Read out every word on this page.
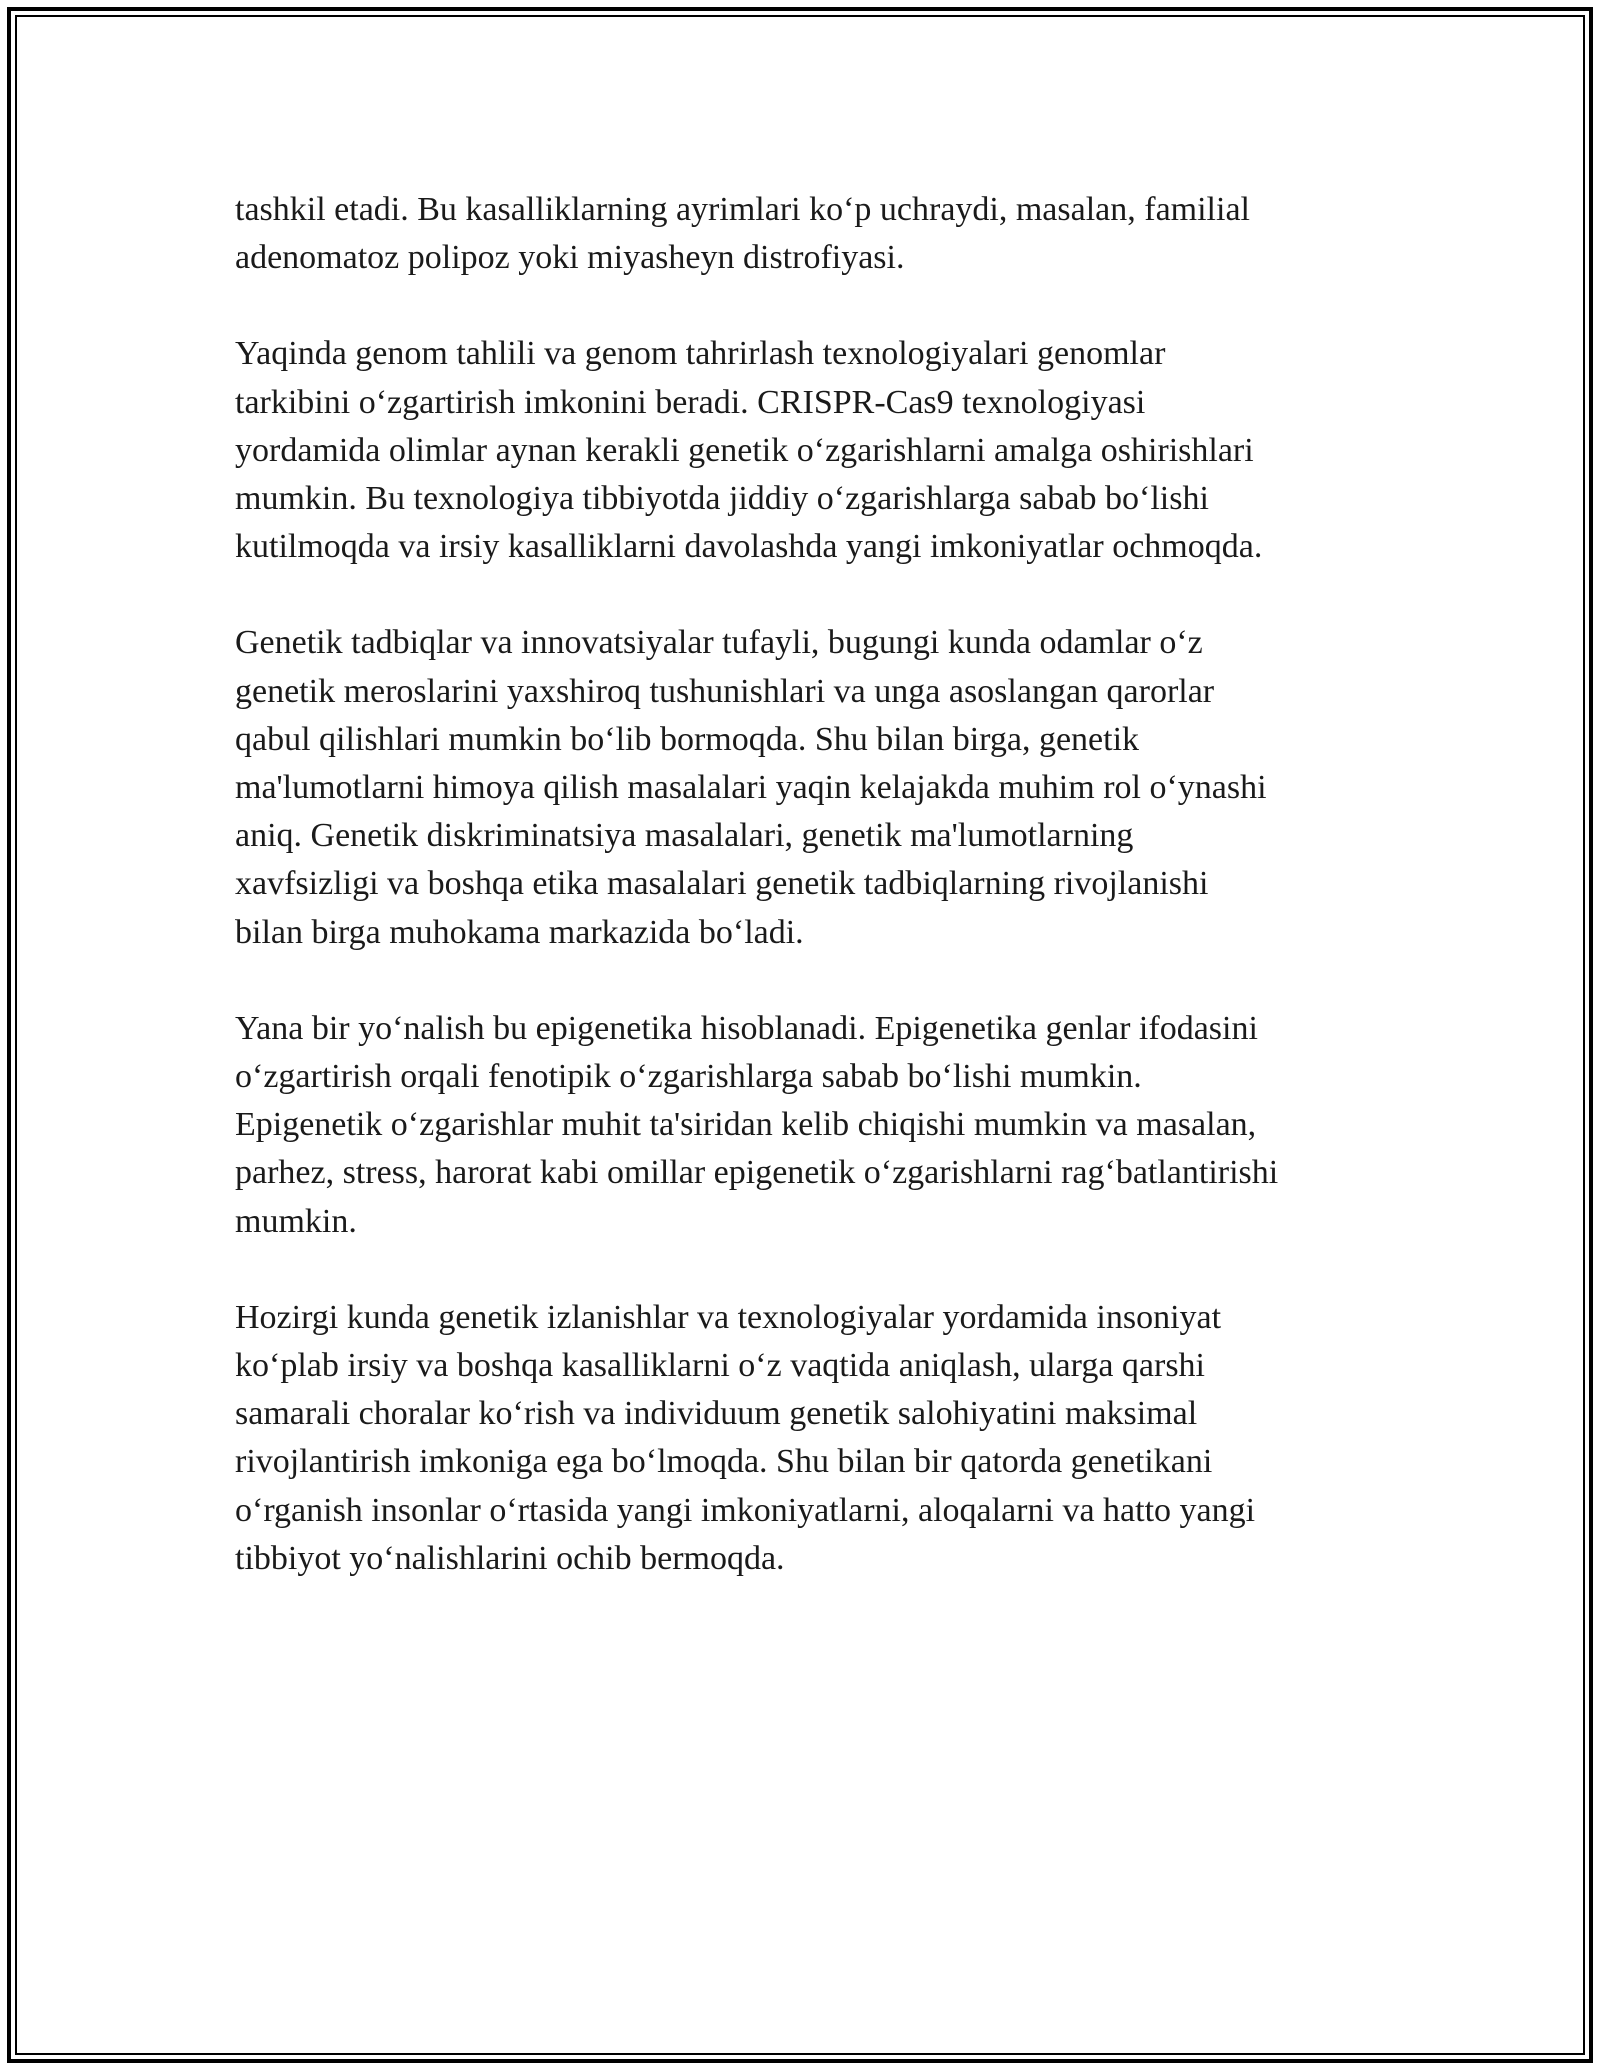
tashkil etadi. Bu kasalliklarning ayrimlari ko‘p uchraydi, masalan, familial
adenomatoz polipoz yoki miyasheyn distrofiyasi.

Yaqinda genom tahlili va genom tahrirlash texnologiyalari genomlar
tarkibini o‘zgartirish imkonini beradi. CRISPR-Cas9 texnologiyasi
yordamida olimlar aynan kerakli genetik o‘zgarishlarni amalga oshirishlari
mumkin. Bu texnologiya tibbiyotda jiddiy o‘zgarishlarga sabab bo‘lishi
kutilmoqda va irsiy kasalliklarni davolashda yangi imkoniyatlar ochmoqda.

Genetik tadbiqlar va innovatsiyalar tufayli, bugungi kunda odamlar o‘z
genetik meroslarini yaxshiroq tushunishlari va unga asoslangan qarorlar
qabul qilishlari mumkin bo‘lib bormoqda. Shu bilan birga, genetik
ma'lumotlarni himoya qilish masalalari yaqin kelajakda muhim rol o‘ynashi
aniq. Genetik diskriminatsiya masalalari, genetik ma'lumotlarning
xavfsizligi va boshqa etika masalalari genetik tadbiqlarning rivojlanishi
bilan birga muhokama markazida bo‘ladi.

Yana bir yo‘nalish bu epigenetika hisoblanadi. Epigenetika genlar ifodasini
o‘zgartirish orqali fenotipik o‘zgarishlarga sabab bo‘lishi mumkin.
Epigenetik o‘zgarishlar muhit ta'siridan kelib chiqishi mumkin va masalan,
parhez, stress, harorat kabi omillar epigenetik o‘zgarishlarni rag‘batlantirishi
mumkin.

Hozirgi kunda genetik izlanishlar va texnologiyalar yordamida insoniyat
ko‘plab irsiy va boshqa kasalliklarni o‘z vaqtida aniqlash, ularga qarshi
samarali choralar ko‘rish va individuum genetik salohiyatini maksimal
rivojlantirish imkoniga ega bo‘lmoqda. Shu bilan bir qatorda genetikani
o‘rganish insonlar o‘rtasida yangi imkoniyatlarni, aloqalarni va hatto yangi
tibbiyot yo‘nalishlarini ochib bermoqda.
